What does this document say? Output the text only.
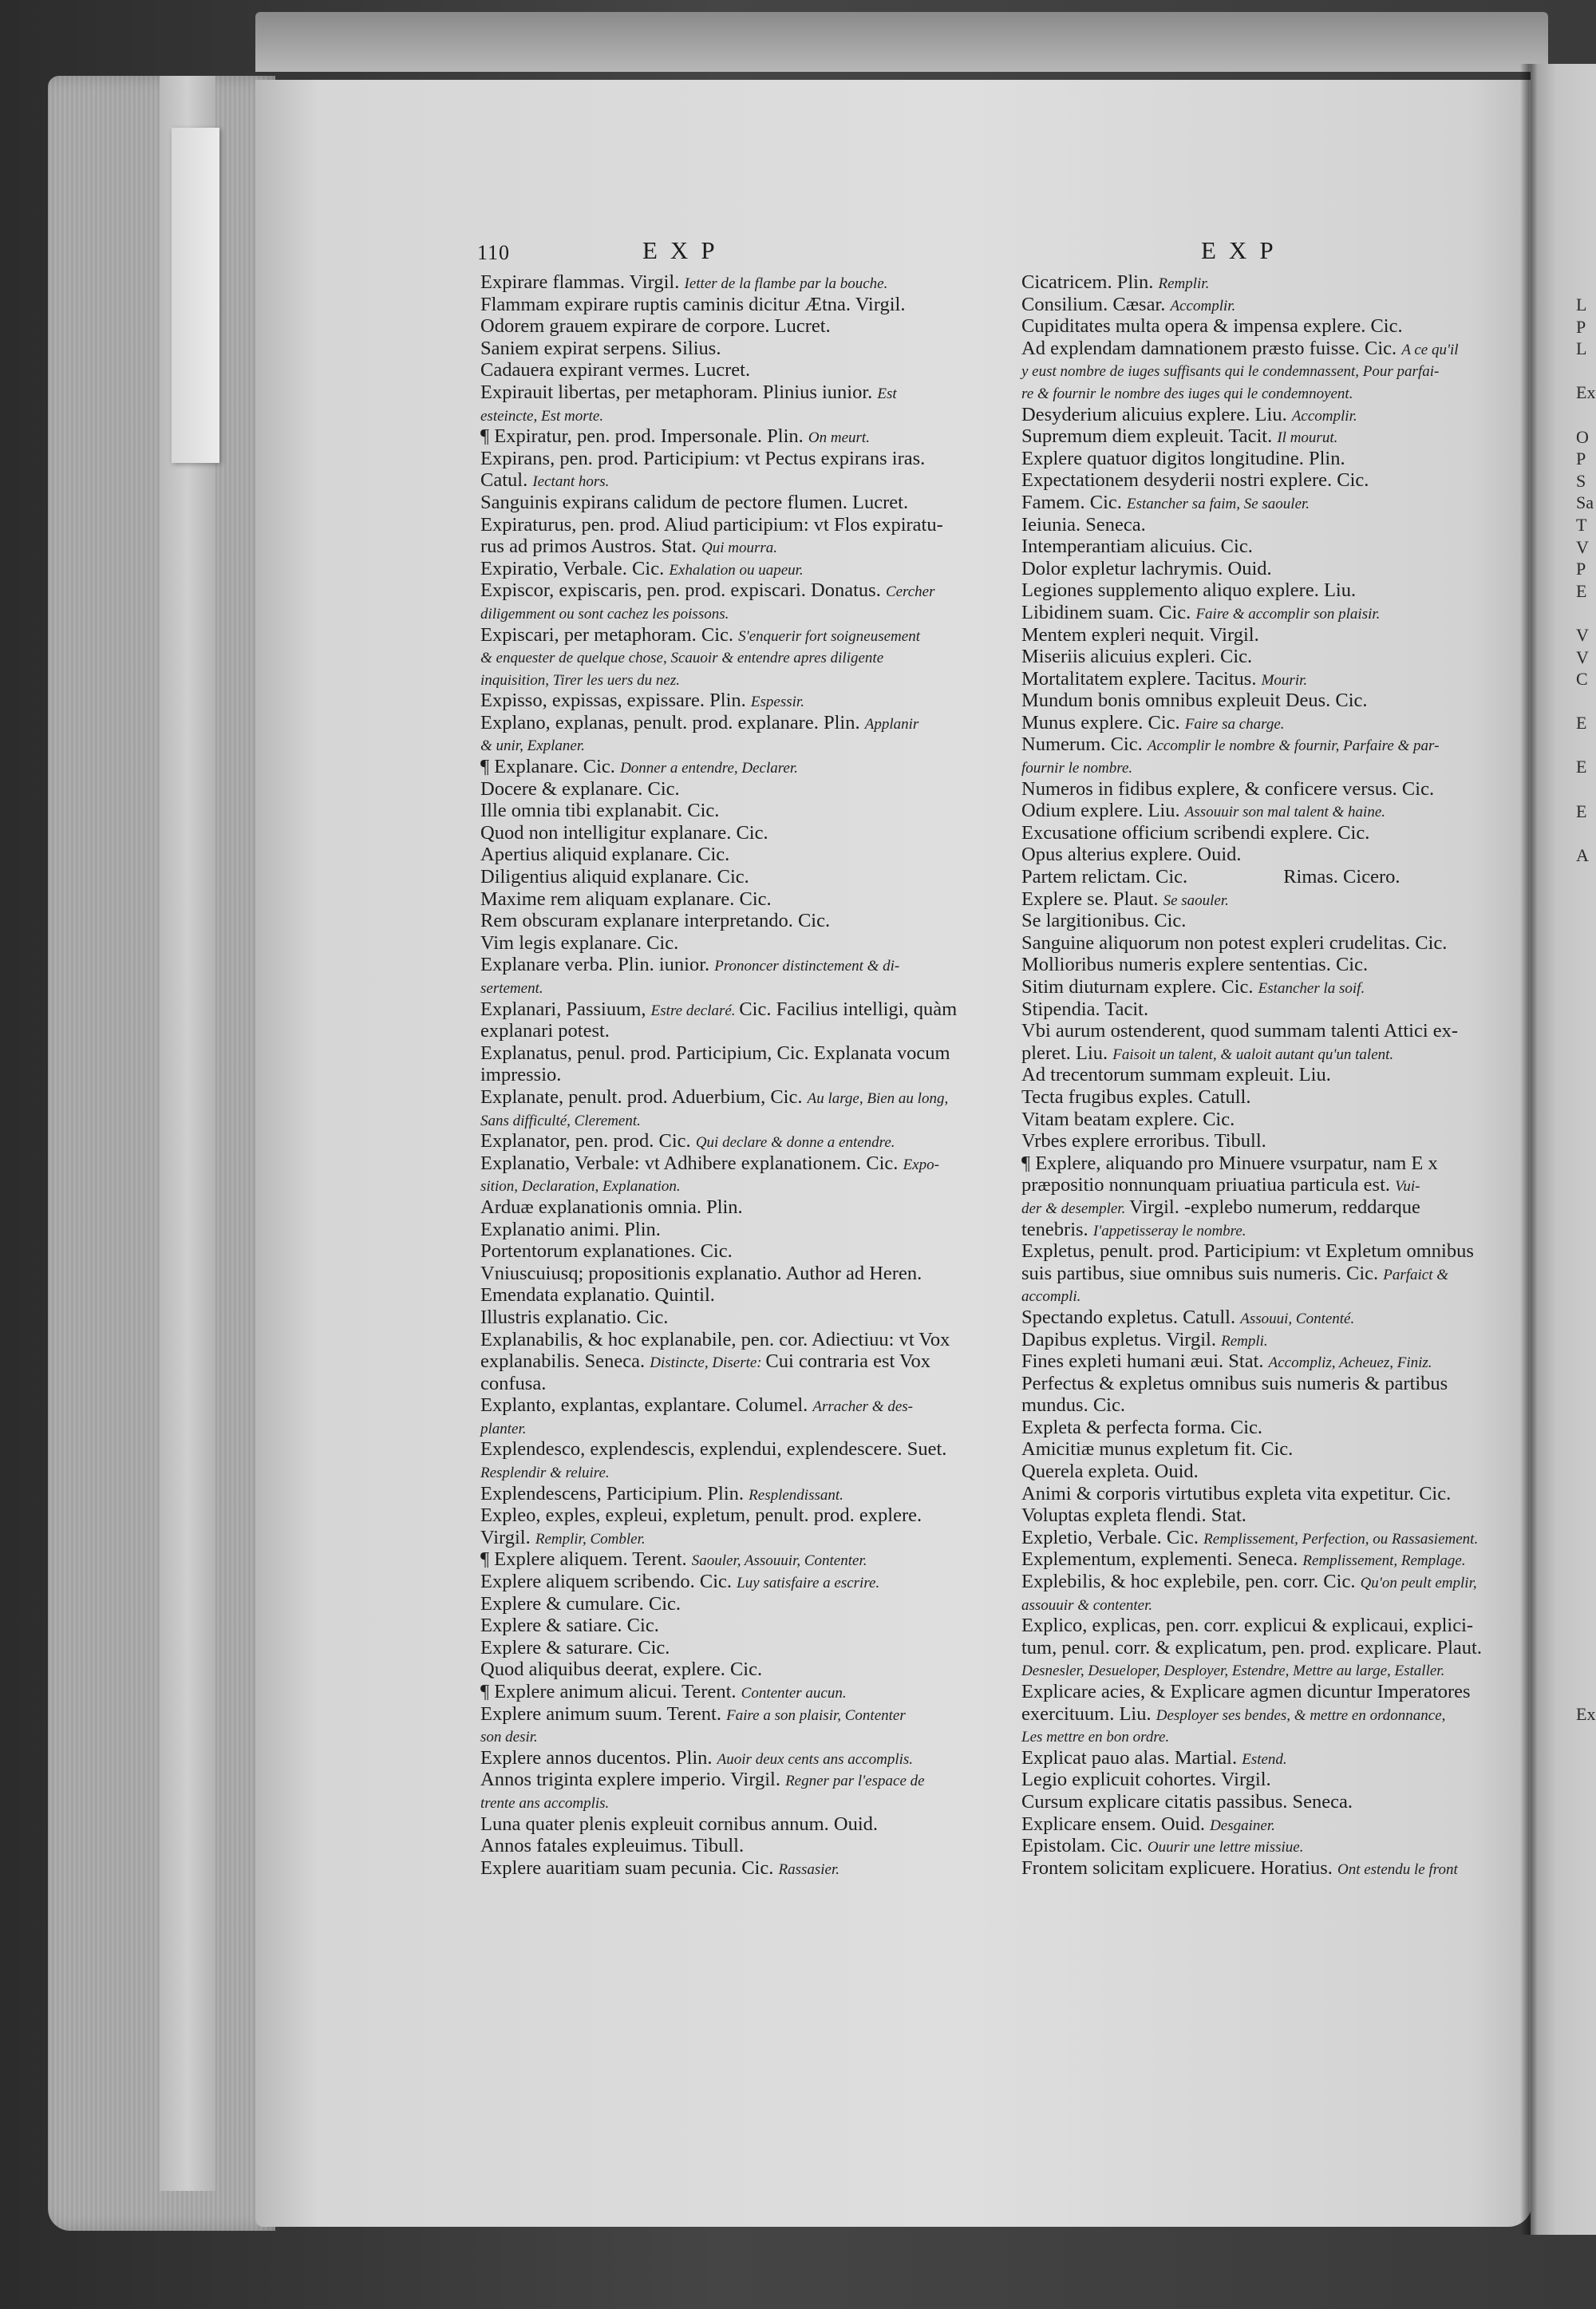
110	EXP	EXP
Expirare flammas. Virgil. Ietter de la flambe par la bouche.
Flammam expirare ruptis caminis dicitur Ætna. Virgil.
Odorem grauem expirare de corpore. Lucret.
Saniem expirat serpens. Silius.
Cadauera expirant vermes. Lucret.
Expirauit libertas, per metaphoram. Plinius iunior. Est
esteincte, Est morte.
¶ Expiratur, pen. prod. Impersonale. Plin. On meurt.
Expirans, pen. prod. Participium: vt Pectus expirans iras.
Catul. Iectant hors.
Sanguinis expirans calidum de pectore flumen. Lucret.
Expiraturus, pen. prod. Aliud participium: vt Flos expiratu-
rus ad primos Austros. Stat. Qui mourra.
Expiratio, Verbale. Cic. Exhalation ou uapeur.
Expiscor, expiscaris, pen. prod. expiscari. Donatus. Cercher
diligemment ou sont cachez les poissons.
Expiscari, per metaphoram. Cic. S'enquerir fort soigneusement
& enquester de quelque chose, Scauoir & entendre apres diligente
inquisition, Tirer les uers du nez.
Expisso, expissas, expissare. Plin. Espessir.
Explano, explanas, penult. prod. explanare. Plin. Applanir
& unir, Explaner.
¶ Explanare. Cic. Donner a entendre, Declarer.
Docere & explanare. Cic.
Ille omnia tibi explanabit. Cic.
Quod non intelligitur explanare. Cic.
Apertius aliquid explanare. Cic.
Diligentius aliquid explanare. Cic.
Maxime rem aliquam explanare. Cic.
Rem obscuram explanare interpretando. Cic.
Vim legis explanare. Cic.
Explanare verba. Plin. iunior. Prononcer distinctement & di-
sertement.
Explanari, Passiuum, Estre declaré. Cic. Facilius intelligi, quàm
explanari potest.
Explanatus, penul. prod. Participium, Cic. Explanata vocum
impressio.
Explanate, penult. prod. Aduerbium, Cic. Au large, Bien au long,
Sans difficulté, Clerement.
Explanator, pen. prod. Cic. Qui declare & donne a entendre.
Explanatio, Verbale: vt Adhibere explanationem. Cic. Expo-
sition, Declaration, Explanation.
Arduæ explanationis omnia. Plin.
Explanatio animi. Plin.
Portentorum explanationes. Cic.
Vniuscuiusq; propositionis explanatio. Author ad Heren.
Emendata explanatio. Quintil.
Illustris explanatio. Cic.
Explanabilis, & hoc explanabile, pen. cor. Adiectiuu: vt Vox
explanabilis. Seneca. Distincte, Diserte: Cui contraria est Vox
confusa.
Explanto, explantas, explantare. Columel. Arracher & des-
planter.
Explendesco, explendescis, explendui, explendescere. Suet.
Resplendir & reluire.
Explendescens, Participium. Plin. Resplendissant.
Expleo, exples, expleui, expletum, penult. prod. explere.
Virgil. Remplir, Combler.
¶ Explere aliquem. Terent. Saouler, Assouuir, Contenter.
Explere aliquem scribendo. Cic. Luy satisfaire a escrire.
Explere & cumulare. Cic.
Explere & satiare. Cic.
Explere & saturare. Cic.
Quod aliquibus deerat, explere. Cic.
¶ Explere animum alicui. Terent. Contenter aucun.
Explere animum suum. Terent. Faire a son plaisir, Contenter
son desir.
Explere annos ducentos. Plin. Auoir deux cents ans accomplis.
Annos triginta explere imperio. Virgil. Regner par l'espace de
trente ans accomplis.
Luna quater plenis expleuit cornibus annum. Ouid.
Annos fatales expleuimus. Tibull.
Explere auaritiam suam pecunia. Cic. Rassasier.
Cicatricem. Plin. Remplir.
Consilium. Cæsar. Accomplir.
Cupiditates multa opera & impensa explere. Cic.
Ad explendam damnationem præsto fuisse. Cic. A ce qu'il
y eust nombre de iuges suffisants qui le condemnassent, Pour parfai-
re & fournir le nombre des iuges qui le condemnoyent.
Desyderium alicuius explere. Liu. Accomplir.
Supremum diem expleuit. Tacit. Il mourut.
Explere quatuor digitos longitudine. Plin.
Expectationem desyderii nostri explere. Cic.
Famem. Cic. Estancher sa faim, Se saouler.
Ieiunia. Seneca.
Intemperantiam alicuius. Cic.
Dolor expletur lachrymis. Ouid.
Legiones supplemento aliquo explere. Liu.
Libidinem suam. Cic. Faire & accomplir son plaisir.
Mentem expleri nequit. Virgil.
Miseriis alicuius expleri. Cic.
Mortalitatem explere. Tacitus. Mourir.
Mundum bonis omnibus expleuit Deus. Cic.
Munus explere. Cic. Faire sa charge.
Numerum. Cic. Accomplir le nombre & fournir, Parfaire & par-
fournir le nombre.
Numeros in fidibus explere, & conficere versus. Cic.
Odium explere. Liu. Assouuir son mal talent & haine.
Excusatione officium scribendi explere. Cic.
Opus alterius explere. Ouid.
Partem relictam. Cic.	Rimas. Cicero.
Explere se. Plaut. Se saouler.
Se largitionibus. Cic.
Sanguine aliquorum non potest expleri crudelitas. Cic.
Mollioribus numeris explere sententias. Cic.
Sitim diuturnam explere. Cic. Estancher la soif.
Stipendia. Tacit.
Vbi aurum ostenderent, quod summam talenti Attici ex-
pleret. Liu. Faisoit un talent, & ualoit autant qu'un talent.
Ad trecentorum summam expleuit. Liu.
Tecta frugibus exples. Catull.
Vitam beatam explere. Cic.
Vrbes explere erroribus. Tibull.
¶ Explere, aliquando pro Minuere vsurpatur, nam E x
præpositio nonnunquam priuatiua particula est. Vui-
der & desempler. Virgil. -explebo numerum, reddarque
tenebris. I'appetisseray le nombre.
Expletus, penult. prod. Participium: vt Expletum omnibus
suis partibus, siue omnibus suis numeris. Cic. Parfaict &
accompli.
Spectando expletus. Catull. Assouui, Contenté.
Dapibus expletus. Virgil. Rempli.
Fines expleti humani æui. Stat. Accompliz, Acheuez, Finiz.
Perfectus & expletus omnibus suis numeris & partibus
mundus. Cic.
Expleta & perfecta forma. Cic.
Amicitiæ munus expletum fit. Cic.
Querela expleta. Ouid.
Animi & corporis virtutibus expleta vita expetitur. Cic.
Voluptas expleta flendi. Stat.
Expletio, Verbale. Cic. Remplissement, Perfection, ou Rassasiement.
Explementum, explementi. Seneca. Remplissement, Remplage.
Explebilis, & hoc explebile, pen. corr. Cic. Qu'on peult emplir,
assouuir & contenter.
Explico, explicas, pen. corr. explicui & explicaui, explici-
tum, penul. corr. & explicatum, pen. prod. explicare. Plaut.
Desnesler, Desueloper, Desployer, Estendre, Mettre au large, Estaller.
Explicare acies, & Explicare agmen dicuntur Imperatores
exercituum. Liu. Desployer ses bendes, & mettre en ordonnance,
Les mettre en bon ordre.
Explicat pauo alas. Martial. Estend.
Legio explicuit cohortes. Virgil.
Cursum explicare citatis passibus. Seneca.
Explicare ensem. Ouid. Desgainer.
Epistolam. Cic. Ouurir une lettre missiue.
Frontem solicitam explicuere. Horatius. Ont estendu le front
L
P
L
Ex
O
P
S
Sa
T
V
P
E
V
V
C
E
E
E
A
Ex
